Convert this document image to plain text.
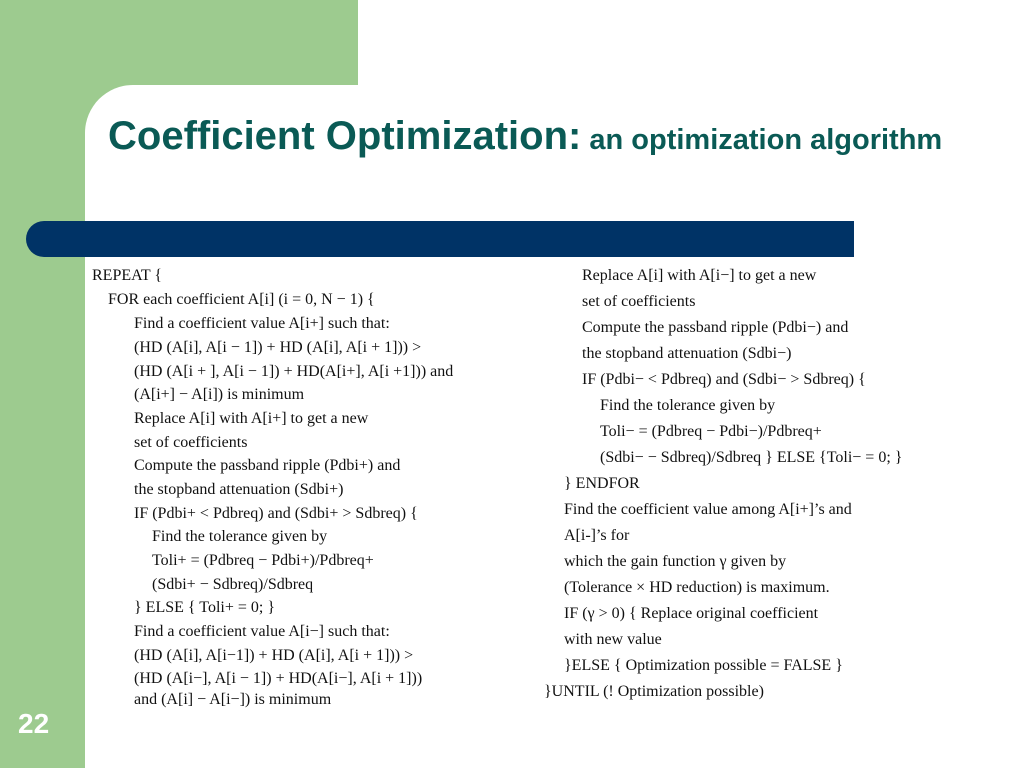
Coefficient Optimization: an optimization algorithm
REPEAT {
FOR each coefficient A[i] (i = 0, N − 1) {
Find a coefficient value A[i+] such that:
(HD (A[i], A[i − 1]) + HD (A[i], A[i + 1])) >
(HD (A[i + ], A[i − 1]) + HD(A[i+], A[i +1])) and
(A[i+] − A[i]) is minimum
Replace A[i] with A[i+] to get a new
set of coefficients
Compute the passband ripple (Pdbi+) and
the stopband attenuation (Sdbi+)
IF (Pdbi+ < Pdbreq) and (Sdbi+ > Sdbreq) {
Find the tolerance given by
Toli+ = (Pdbreq − Pdbi+)/Pdbreq+
(Sdbi+ − Sdbreq)/Sdbreq
} ELSE { Toli+ = 0; }
Find a coefficient value A[i−] such that:
(HD (A[i], A[i−1]) + HD (A[i], A[i + 1])) >
(HD (A[i−], A[i − 1]) + HD(A[i−], A[i + 1]))
and (A[i] − A[i−]) is minimum
Replace A[i] with A[i−] to get a new
set of coefficients
Compute the passband ripple (Pdbi−) and
the stopband attenuation (Sdbi−)
IF (Pdbi− < Pdbreq) and (Sdbi− > Sdbreq) {
Find the tolerance given by
Toli− = (Pdbreq − Pdbi−)/Pdbreq+
(Sdbi− − Sdbreq)/Sdbreq } ELSE {Toli− = 0; }
} ENDFOR
Find the coefficient value among A[i+]’s and
A[i-]’s for
which the gain function γ given by
(Tolerance × HD reduction) is maximum.
IF (γ > 0) { Replace original coefficient
with new value
}ELSE { Optimization possible = FALSE }
}UNTIL (! Optimization possible)
22
